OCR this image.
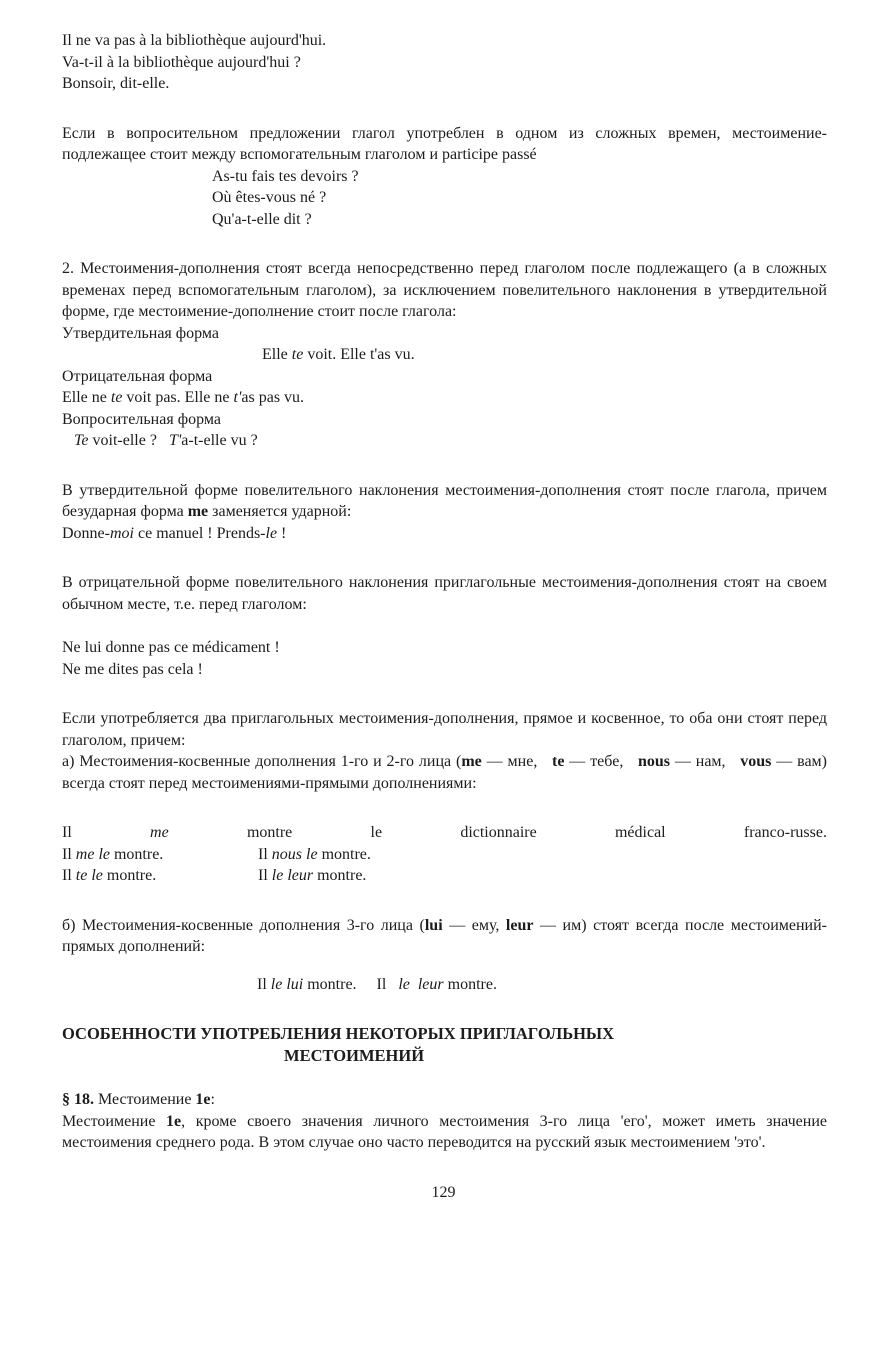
Il ne va pas à la bibliothèque aujourd'hui.
Va-t-il à la bibliothèque aujourd'hui ?
Bonsoir, dit-elle.
Если в вопросительном предложении глагол употреблен в одном из сложных времен, местоимение-подлежащее стоит между вспомогательным глаголом и participe passé
As-tu fais tes devoirs ?
Où êtes-vous né ?
Qu'a-t-elle dit ?
2. Местоимения-дополнения стоят всегда непосредственно перед глаголом после подлежащего (а в сложных временах перед вспомогательным глаголом), за исключением повелительного наклонения в утвердительной форме, где местоимение-дополнение стоит после глагола:
Утвердительная форма
Elle te voit. Elle t'as vu.
Отрицательная форма
Elle ne te voit pas. Elle ne t'as pas vu.
Вопросительная форма
Te voit-elle ?   T'a-t-elle vu ?
В утвердительной форме повелительного наклонения местоимения-дополнения стоят после глагола, причем безударная форма me заменяется ударной:
Donne-moi ce manuel ! Prends-le !
В отрицательной форме повелительного наклонения приглагольные местоимения-дополнения стоят на своем обычном месте, т.е. перед глаголом:
Ne lui donne pas ce médicament !
Ne me dites pas cela !
Если употребляется два приглагольных местоимения-дополнения, прямое и косвенное, то оба они стоят перед глаголом, причем:
а) Местоимения-косвенные дополнения 1-го и 2-го лица (me — мне,   te — тебе,   nous — нам,   vous — вам)   всегда стоят перед местоимениями-прямыми дополнениями:
Il	me	montre	le	dictionnaire	médical	franco-russe.
Il me le montre.	Il nous le montre.
Il te le montre.	Il le leur montre.
б) Местоимения-косвенные дополнения 3-го лица (lui — ему, leur — им) стоят всегда после местоимений-прямых дополнений:
Il le lui montre.     Il   le  leur montre.
ОСОБЕННОСТИ УПОТРЕБЛЕНИЯ НЕКОТОРЫХ ПРИГЛАГОЛЬНЫХ
МЕСТОИМЕНИЙ
§ 18. Местоимение 1e:
Местоимение 1e, кроме своего значения личного местоимения 3-го лица 'его', может иметь значение местоимения среднего рода. В этом случае оно часто переводится на русский язык местоимением 'это'.
129
